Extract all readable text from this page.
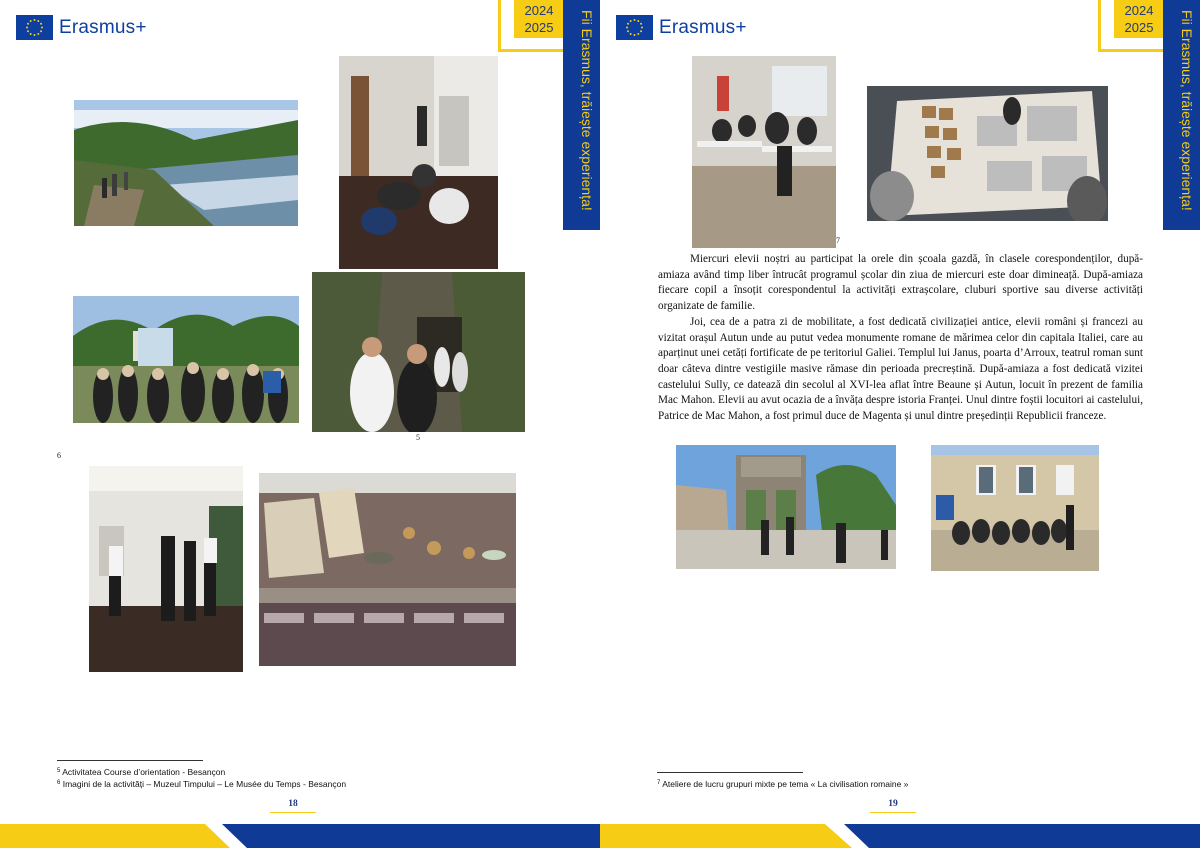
Erasmus+
2024
2025	Fii Erasmus, trăiește experiența!
5
6
$^5$ Activitatea Course d’orientation - Besançon
$^6$ Imagini de la activități – Muzeul Timpului – Le Musée du Temps - Besançon
18
Erasmus+
2024
2025	Fii Erasmus, trăiește experiența!
7

Miercuri elevii noștri au participat la orele din școala gazdă, în clasele corespondenților, după-amiaza având timp liber întrucât programul școlar din ziua de miercuri este doar dimineață. După-amiaza fiecare copil a însoțit corespondentul la activități extrașcolare, cluburi sportive sau diverse activități organizate de familie.

Joi, cea de a patra zi de mobilitate, a fost dedicată civilizației antice, elevii români și francezi au vizitat orașul Autun unde au putut vedea monumente romane de mărimea celor din capitala Italiei, care au aparținut unei cetăți fortificate de pe teritoriul Galiei. Templul lui Janus, poarta d’Arroux, teatrul roman sunt doar câteva dintre vestigiile masive rămase din perioada precreștină. După-amiaza a fost dedicată vizitei castelului Sully, ce datează din secolul al XVI-lea aflat între Beaune și Autun, locuit în prezent de familia Mac Mahon. Elevii au avut ocazia de a învăța despre istoria Franței. Unul dintre foștii locuitori ai castelului, Patrice de Mac Mahon, a fost primul duce de Magenta și unul dintre președinții Republicii franceze.

$^7$ Ateliere de lucru grupuri mixte pe tema « La civilisation romaine »
19
